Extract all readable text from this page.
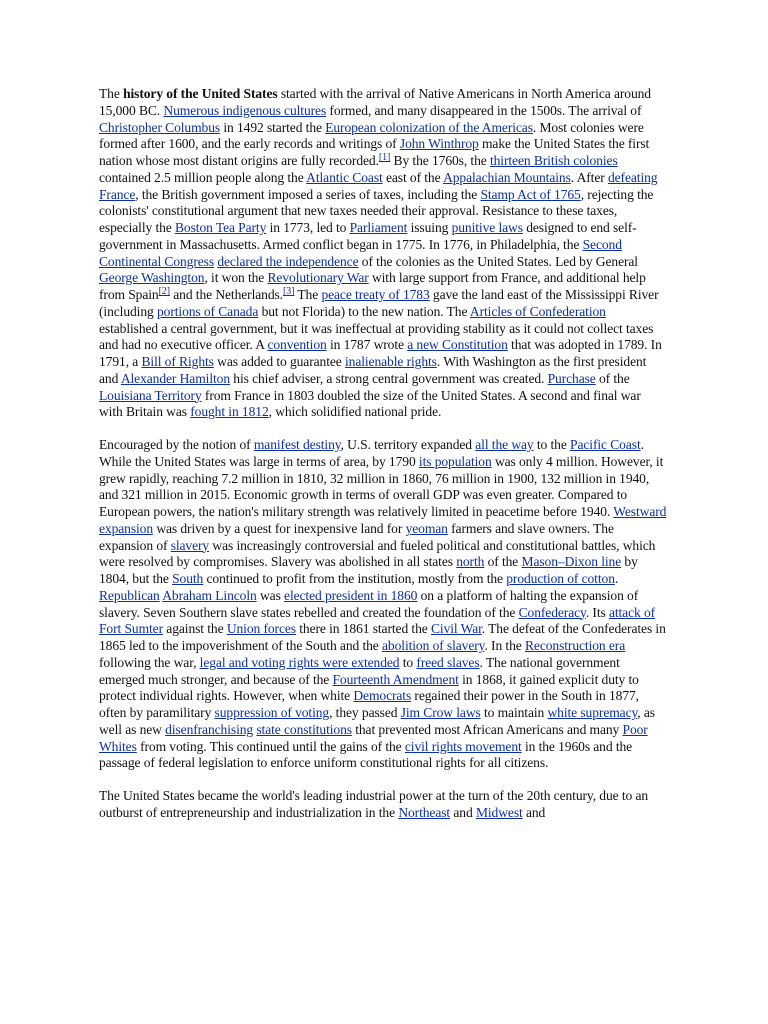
The history of the United States started with the arrival of Native Americans in North America around 15,000 BC. Numerous indigenous cultures formed, and many disappeared in the 1500s. The arrival of Christopher Columbus in 1492 started the European colonization of the Americas. Most colonies were formed after 1600, and the early records and writings of John Winthrop make the United States the first nation whose most distant origins are fully recorded.[1] By the 1760s, the thirteen British colonies contained 2.5 million people along the Atlantic Coast east of the Appalachian Mountains. After defeating France, the British government imposed a series of taxes, including the Stamp Act of 1765, rejecting the colonists' constitutional argument that new taxes needed their approval. Resistance to these taxes, especially the Boston Tea Party in 1773, led to Parliament issuing punitive laws designed to end self-government in Massachusetts. Armed conflict began in 1775. In 1776, in Philadelphia, the Second Continental Congress declared the independence of the colonies as the United States. Led by General George Washington, it won the Revolutionary War with large support from France, and additional help from Spain[2] and the Netherlands.[3] The peace treaty of 1783 gave the land east of the Mississippi River (including portions of Canada but not Florida) to the new nation. The Articles of Confederation established a central government, but it was ineffectual at providing stability as it could not collect taxes and had no executive officer. A convention in 1787 wrote a new Constitution that was adopted in 1789. In 1791, a Bill of Rights was added to guarantee inalienable rights. With Washington as the first president and Alexander Hamilton his chief adviser, a strong central government was created. Purchase of the Louisiana Territory from France in 1803 doubled the size of the United States. A second and final war with Britain was fought in 1812, which solidified national pride.

Encouraged by the notion of manifest destiny, U.S. territory expanded all the way to the Pacific Coast. While the United States was large in terms of area, by 1790 its population was only 4 million. However, it grew rapidly, reaching 7.2 million in 1810, 32 million in 1860, 76 million in 1900, 132 million in 1940, and 321 million in 2015. Economic growth in terms of overall GDP was even greater. Compared to European powers, the nation's military strength was relatively limited in peacetime before 1940. Westward expansion was driven by a quest for inexpensive land for yeoman farmers and slave owners. The expansion of slavery was increasingly controversial and fueled political and constitutional battles, which were resolved by compromises. Slavery was abolished in all states north of the Mason–Dixon line by 1804, but the South continued to profit from the institution, mostly from the production of cotton. Republican Abraham Lincoln was elected president in 1860 on a platform of halting the expansion of slavery. Seven Southern slave states rebelled and created the foundation of the Confederacy. Its attack of Fort Sumter against the Union forces there in 1861 started the Civil War. The defeat of the Confederates in 1865 led to the impoverishment of the South and the abolition of slavery. In the Reconstruction era following the war, legal and voting rights were extended to freed slaves. The national government emerged much stronger, and because of the Fourteenth Amendment in 1868, it gained explicit duty to protect individual rights. However, when white Democrats regained their power in the South in 1877, often by paramilitary suppression of voting, they passed Jim Crow laws to maintain white supremacy, as well as new disenfranchising state constitutions that prevented most African Americans and many Poor Whites from voting. This continued until the gains of the civil rights movement in the 1960s and the passage of federal legislation to enforce uniform constitutional rights for all citizens.

The United States became the world's leading industrial power at the turn of the 20th century, due to an outburst of entrepreneurship and industrialization in the Northeast and Midwest and
